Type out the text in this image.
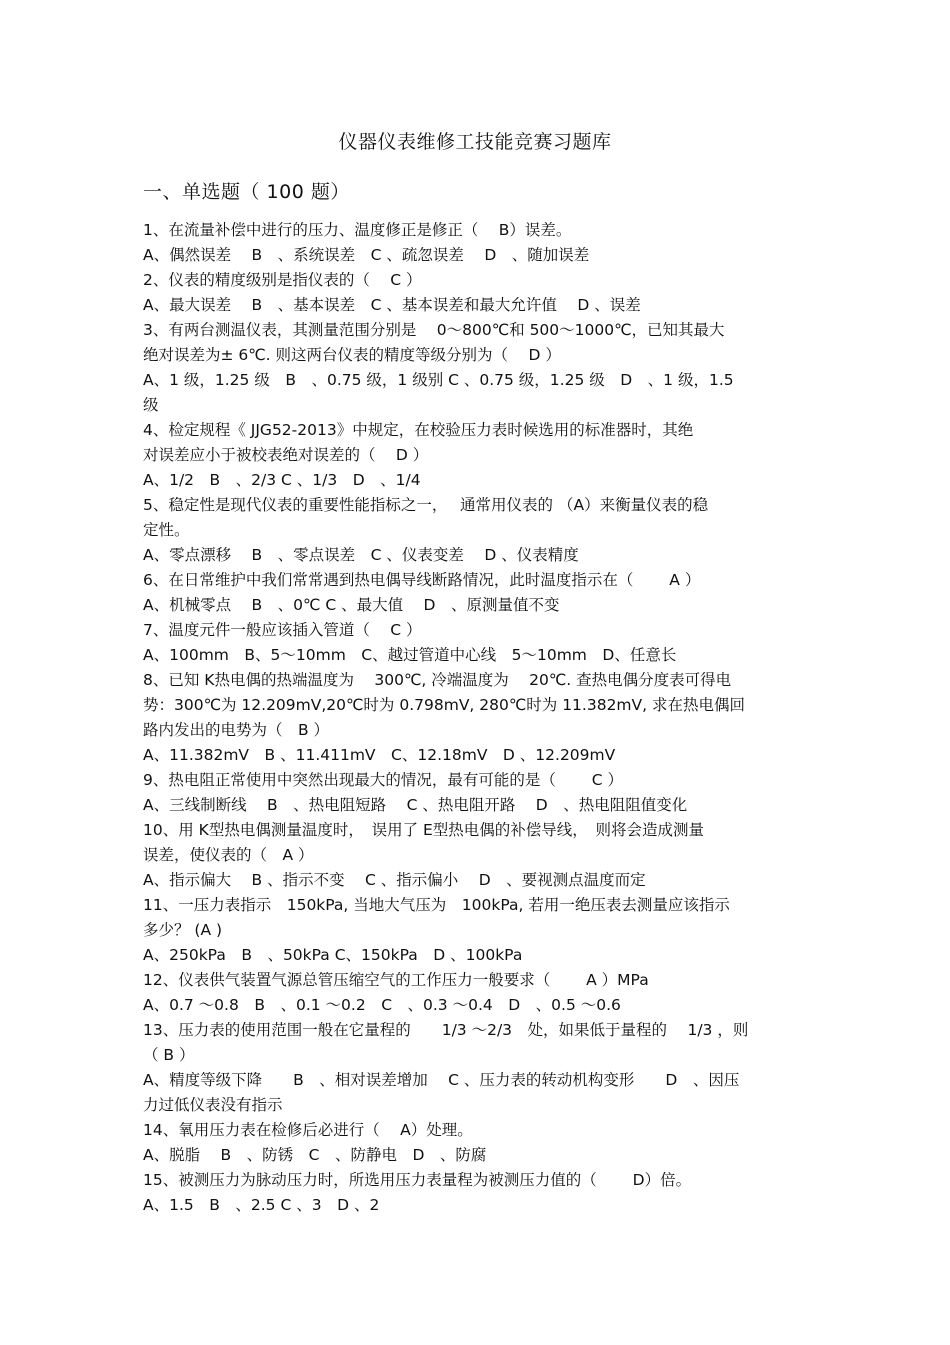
仪器仪表维修工技能竞赛习题库
一、单选题（ 100 题）
1、在流量补偿中进行的压力、温度修正是修正（　 B）误差。
A、偶然误差　 B　、系统误差　C 、疏忽误差　 D　、随加误差
2、仪表的精度级别是指仪表的（　 C ）
A、最大误差　 B　、基本误差　C 、基本误差和最大允许值　 D 、误差
3、有两台测温仪表，其测量范围分别是　 0～800℃和 500～1000℃，已知其最大
绝对误差为± 6℃. 则这两台仪表的精度等级分别为（　 D ）
A、1 级，1.25 级　B　、0.75 级，1 级别 C 、0.75 级，1.25 级　D　、1 级，1.5
级
4、检定规程《 JJG52-2013》中规定，在校验压力表时候选用的标准器时，其绝
对误差应小于被校表绝对误差的（　 D ）
A、1/2　B　、2/3 C 、1/3　D　、1/4
5、稳定性是现代仪表的重要性能指标之一，　 通常用仪表的 （A）来衡量仪表的稳
定性。
A、零点漂移　 B　、零点误差　C 、仪表变差　 D 、仪表精度
6、在日常维护中我们常常遇到热电偶导线断路情况，此时温度指示在（　　 A ）
A、机械零点　 B　、0℃ C 、最大值　 D　、原测量值不变
7、温度元件一般应该插入管道（　 C ）
A、100mm　B、5～10mm　C、越过管道中心线　5～10mm　D、任意长
8、已知 K热电偶的热端温度为　 300℃, 冷端温度为　 20℃. 查热电偶分度表可得电
势：300℃为 12.209mV,20℃时为 0.798mV, 280℃时为 11.382mV, 求在热电偶回
路内发出的电势为（　B ）
A、11.382mV　B 、11.411mV　C、12.18mV　D 、12.209mV
9、热电阻正常使用中突然出现最大的情况，最有可能的是（　　 C ）
A、三线制断线　 B　、热电阻短路　 C 、热电阻开路　 D　、热电阻阻值变化
10、用 K型热电偶测量温度时，　误用了 E型热电偶的补偿导线，　则将会造成测量
误差，使仪表的（　A ）
A、指示偏大　 B 、指示不变　 C 、指示偏小　 D　、要视测点温度而定
11、一压力表指示　150kPa, 当地大气压为　100kPa, 若用一绝压表去测量应该指示
多少？ (A )
A、250kPa　B　、50kPa C、150kPa　D 、100kPa
12、仪表供气装置气源总管压缩空气的工作压力一般要求（　　 A ）MPa
A、0.7 ～0.8　B　、0.1 ～0.2　C　、0.3 ～0.4　D　、0.5 ～0.6
13、压力表的使用范围一般在它量程的　　1/3 ～2/3　处，如果低于量程的　 1/3 ，则
（ B ）
A、精度等级下降　　B　、相对误差增加　 C 、压力表的转动机构变形　　D　、因压
力过低仪表没有指示
14、氧用压力表在检修后必进行（　 A）处理。
A、脱脂　 B　、防锈　C　、防静电　D　、防腐
15、被测压力为脉动压力时，所选用压力表量程为被测压力值的（　　 D）倍。
A、1.5　B　、2.5 C 、3　D 、2
